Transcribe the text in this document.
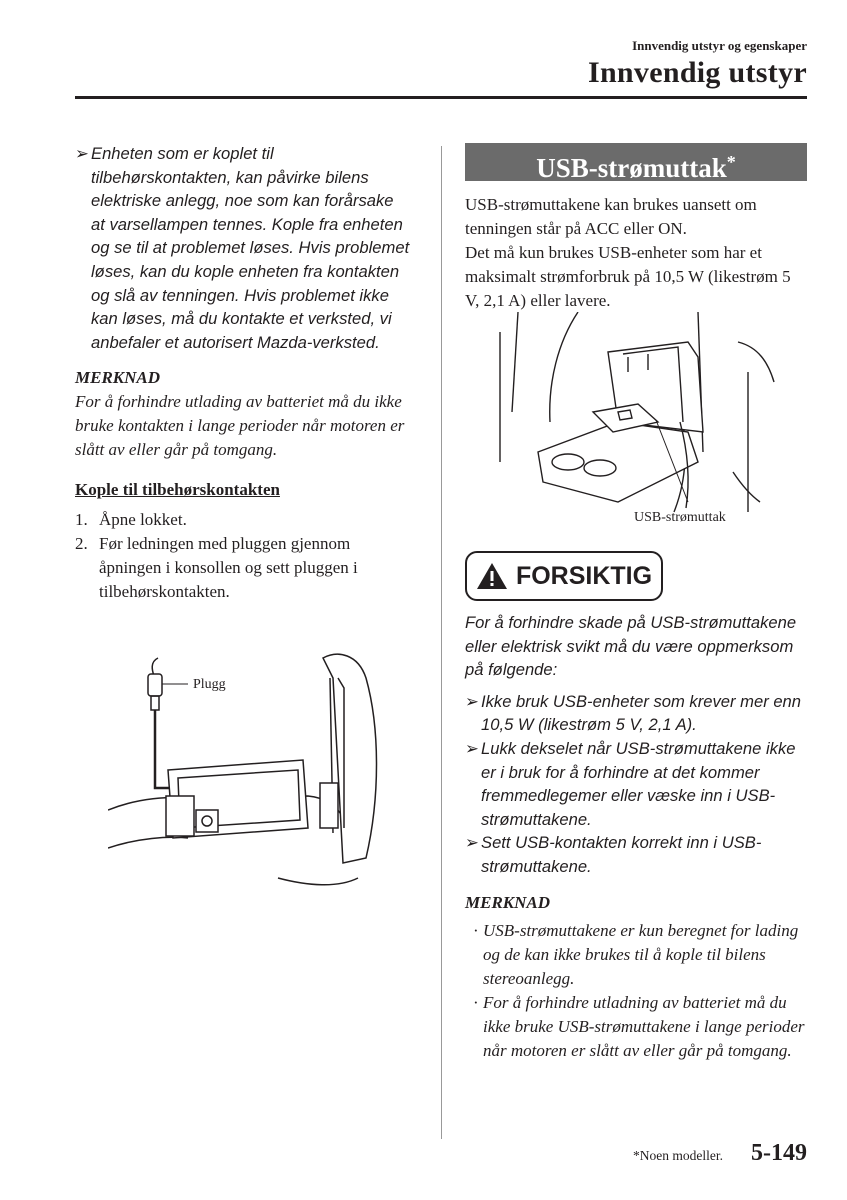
Innvendig utstyr og egenskaper
Innvendig utstyr
➢ Enheten som er koplet til tilbehørskontakten, kan påvirke bilens elektriske anlegg, noe som kan forårsake at varsellampen tennes. Kople fra enheten og se til at problemet løses. Hvis problemet løses, kan du kople enheten fra kontakten og slå av tenningen. Hvis problemet ikke kan løses, må du kontakte et verksted, vi anbefaler et autorisert Mazda-verksted.
MERKNAD

For å forhindre utlading av batteriet må du ikke bruke kontakten i lange perioder når motoren er slått av eller går på tomgang.

Kople til tilbehørskontakten
1. Åpne lokket.
2. Før ledningen med pluggen gjennom åpningen i konsollen og sett pluggen i tilbehørskontakten.
Plugg
USB-strømuttak*

USB-strømuttakene kan brukes uansett om tenningen står på ACC eller ON.

Det må kun brukes USB-enheter som har et maksimalt strømforbruk på 10,5 W (likestrøm 5 V, 2,1 A) eller lavere.

USB-strømuttak
FORSIKTIG

For å forhindre skade på USB-strømuttakene eller elektrisk svikt må du være oppmerksom på følgende:

➢ Ikke bruk USB-enheter som krever mer enn 10,5 W (likestrøm 5 V, 2,1 A).
➢ Lukk dekselet når USB-strømuttakene ikke er i bruk for å forhindre at det kommer fremmedlegemer eller væske inn i USB-strømuttakene.
➢ Sett USB-kontakten korrekt inn i USB-strømuttakene.
MERKNAD
· USB-strømuttakene er kun beregnet for lading og de kan ikke brukes til å kople til bilens stereoanlegg.
· For å forhindre utladning av batteriet må du ikke bruke USB-strømuttakene i lange perioder når motoren er slått av eller går på tomgang.
*Noen modeller. 5-149
